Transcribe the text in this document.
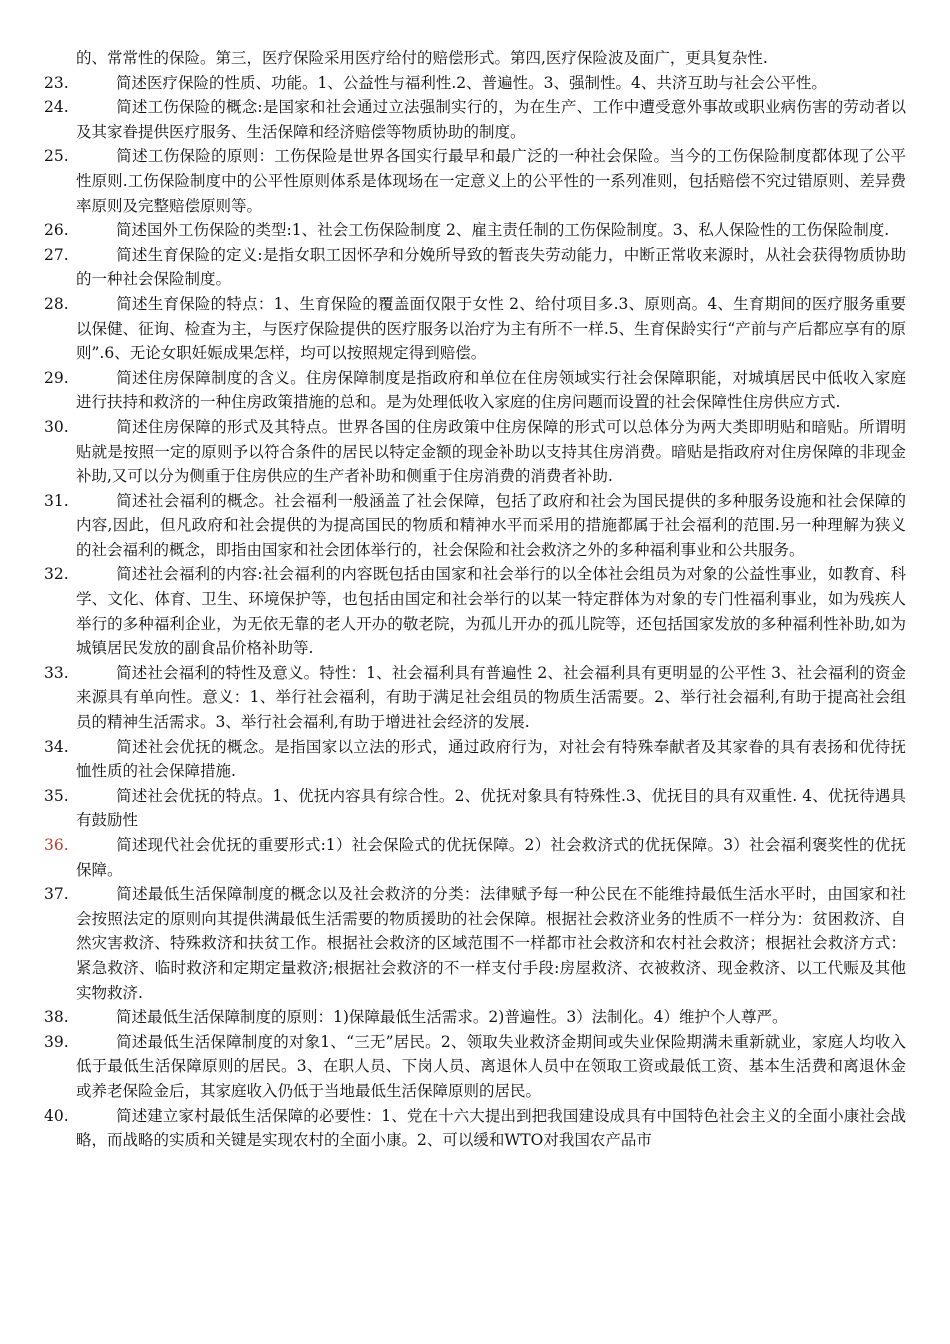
的、常常性的保险。第三，医疗保险采用医疗给付的赔偿形式。第四,医疗保险波及面广，更具复杂性.

23.	简述医疗保险的性质、功能。1、公益性与福利性.2、普遍性。3、强制性。4、共济互助与社会公平性。

24.	简述工伤保险的概念:是国家和社会通过立法强制实行的，为在生产、工作中遭受意外事故或职业病伤害的劳动者以及其家眷提供医疗服务、生活保障和经济赔偿等物质协助的制度。

25.	简述工伤保险的原则：工伤保险是世界各国实行最早和最广泛的一种社会保险。当今的工伤保险制度都体现了公平性原则.工伤保险制度中的公平性原则体系是体现场在一定意义上的公平性的一系列准则，包括赔偿不究过错原则、差异费率原则及完整赔偿原则等。

26.	简述国外工伤保险的类型:1、社会工伤保险制度 2、雇主责任制的工伤保险制度。3、私人保险性的工伤保险制度.

27.	简述生育保险的定义:是指女职工因怀孕和分娩所导致的暂丧失劳动能力，中断正常收来源时，从社会获得物质协助的一种社会保险制度。

28.	简述生育保险的特点：1、生育保险的覆盖面仅限于女性 2、给付项目多.3、原则高。4、生育期间的医疗服务重要以保健、征询、检查为主，与医疗保险提供的医疗服务以治疗为主有所不一样.5、生育保龄实行“产前与产后都应享有的原则”.6、无论女职妊娠成果怎样，均可以按照规定得到赔偿。

29.	简述住房保障制度的含义。住房保障制度是指政府和单位在住房领域实行社会保障职能，对城填居民中低收入家庭进行扶持和救济的一种住房政策措施的总和。是为处理低收入家庭的住房问题而设置的社会保障性住房供应方式.

30.	简述住房保障的形式及其特点。世界各国的住房政策中住房保障的形式可以总体分为两大类即明贴和暗贴。所谓明贴就是按照一定的原则予以符合条件的居民以特定金额的现金补助以支持其住房消费。暗贴是指政府对住房保障的非现金补助,又可以分为侧重于住房供应的生产者补助和侧重于住房消费的消费者补助.

31.	简述社会福利的概念。社会福利一般涵盖了社会保障，包括了政府和社会为国民提供的多种服务设施和社会保障的内容,因此，但凡政府和社会提供的为提高国民的物质和精神水平而采用的措施都属于社会福利的范围.另一种理解为狭义的社会福利的概念，即指由国家和社会团体举行的，社会保险和社会救济之外的多种福利事业和公共服务。

32.	简述社会福利的内容:社会福利的内容既包括由国家和社会举行的以全体社会组员为对象的公益性事业，如教育、科学、文化、体育、卫生、环境保护等，也包括由国定和社会举行的以某一特定群体为对象的专门性福利事业，如为残疾人举行的多种福利企业，为无依无靠的老人开办的敬老院，为孤儿开办的孤儿院等，还包括国家发放的多种福利性补助,如为城镇居民发放的副食品价格补助等.

33.	简述社会福利的特性及意义。特性：1、社会福利具有普遍性 2、社会福利具有更明显的公平性 3、社会福利的资金来源具有单向性。意义：1、举行社会福利，有助于满足社会组员的物质生活需要。2、举行社会福利,有助于提高社会组员的精神生活需求。3、举行社会福利,有助于增进社会经济的发展.

34.	简述社会优抚的概念。是指国家以立法的形式，通过政府行为，对社会有特殊奉献者及其家眷的具有表扬和优待抚恤性质的社会保障措施.

35.	简述社会优抚的特点。1、优抚内容具有综合性。2、优抚对象具有特殊性.3、优抚目的具有双重性. 4、优抚待遇具有鼓励性

36.	简述现代社会优抚的重要形式:1）社会保险式的优抚保障。2）社会救济式的优抚保障。3）社会福利褒奖性的优抚保障。

37.	简述最低生活保障制度的概念以及社会救济的分类：法律赋予每一种公民在不能维持最低生活水平时，由国家和社会按照法定的原则向其提供满最低生活需要的物质援助的社会保障。根据社会救济业务的性质不一样分为：贫困救济、自然灾害救济、特殊救济和扶贫工作。根据社会救济的区域范围不一样都市社会救济和农村社会救济；根据社会救济方式：紧急救济、临时救济和定期定量救济;根据社会救济的不一样支付手段:房屋救济、衣被救济、现金救济、以工代赈及其他实物救济.

38.	简述最低生活保障制度的原则：1)保障最低生活需求。2)普遍性。3）法制化。4）维护个人尊严。

39.	简述最低生活保障制度的对象1、“三无”居民。2、领取失业救济金期间或失业保险期满未重新就业，家庭人均收入低于最低生活保障原则的居民。3、在职人员、下岗人员、离退休人员中在领取工资或最低工资、基本生活费和离退休金或养老保险金后，其家庭收入仍低于当地最低生活保障原则的居民。

40.	简述建立家村最低生活保障的必要性：1、党在十六大提出到把我国建设成具有中国特色社会主义的全面小康社会战略，而战略的实质和关键是实现农村的全面小康。2、可以缓和WTO对我国农产品市
